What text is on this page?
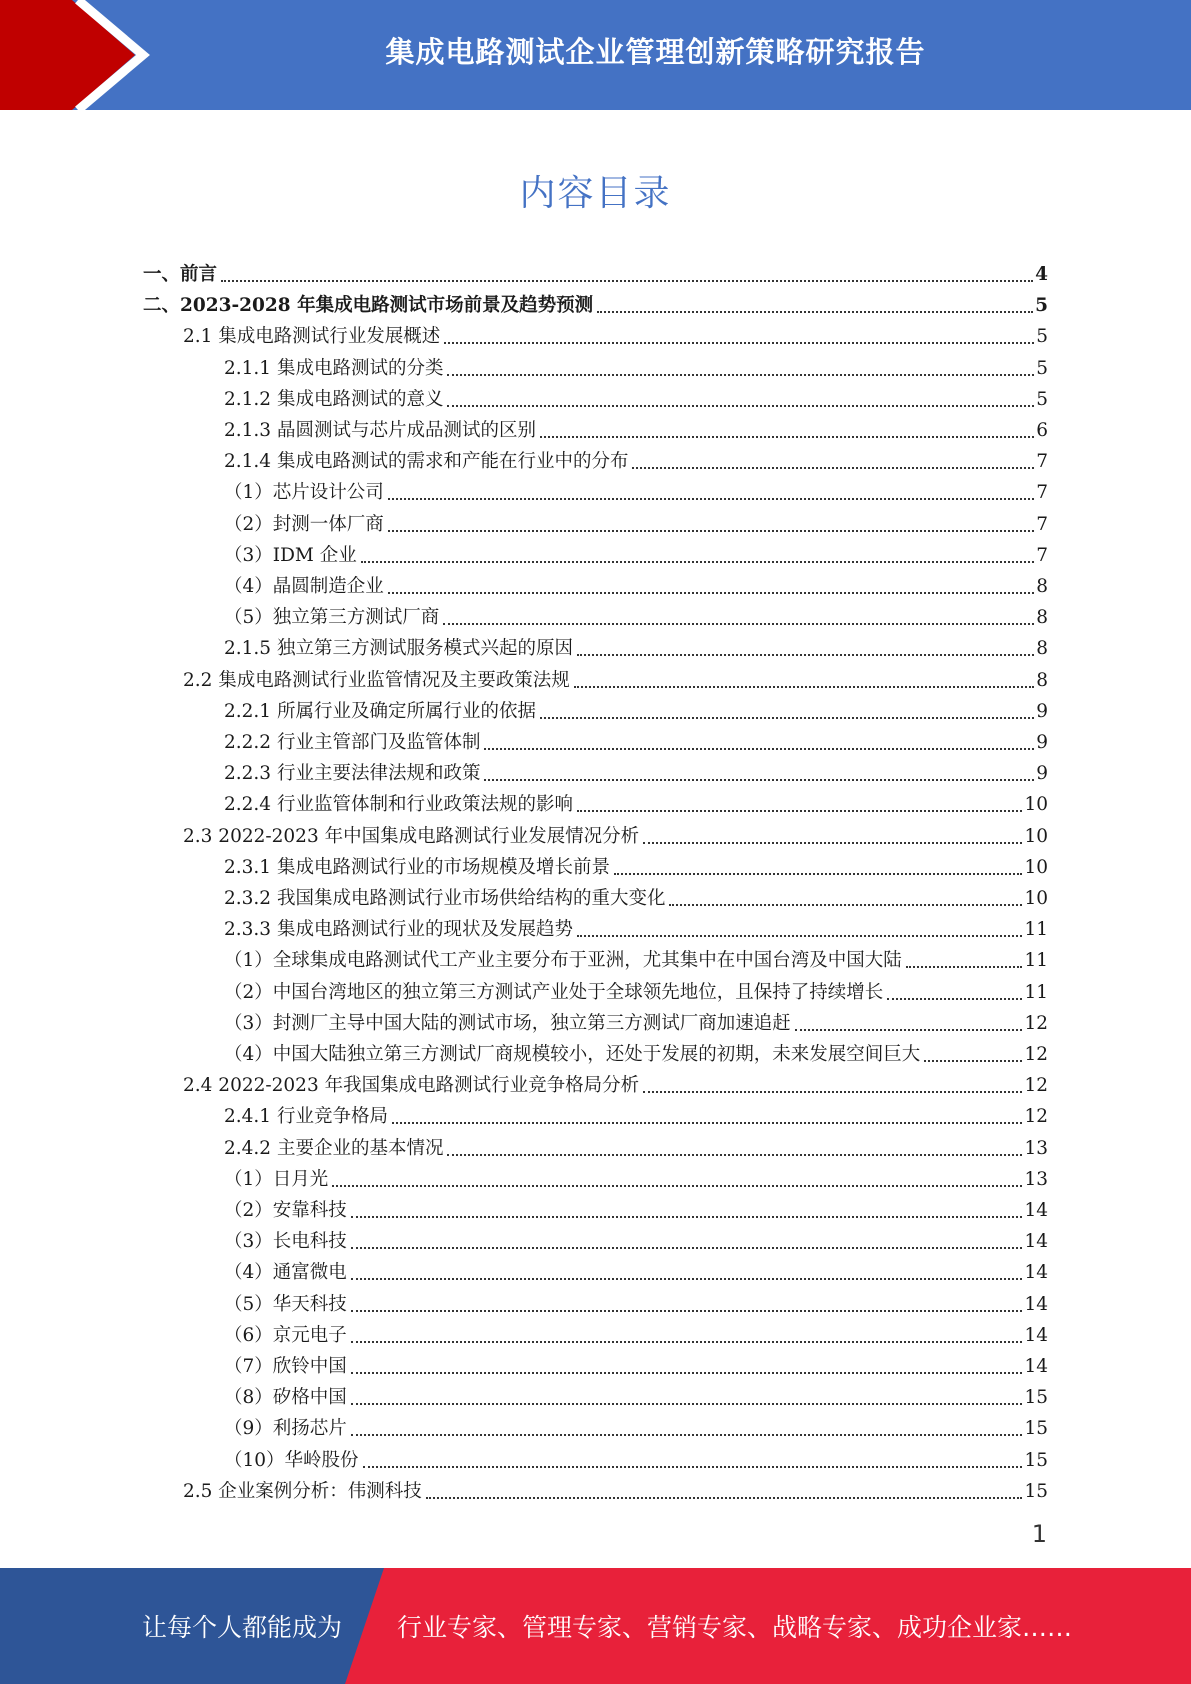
集成电路测试企业管理创新策略研究报告
内容目录
一、前言	4
二、2023-2028 年集成电路测试市场前景及趋势预测	5
2.1 集成电路测试行业发展概述	5
2.1.1 集成电路测试的分类	5
2.1.2 集成电路测试的意义	5
2.1.3 晶圆测试与芯片成品测试的区别	6
2.1.4 集成电路测试的需求和产能在行业中的分布	7
（1）芯片设计公司	7
（2）封测一体厂商	7
（3）IDM 企业	7
（4）晶圆制造企业	8
（5）独立第三方测试厂商	8
2.1.5 独立第三方测试服务模式兴起的原因	8
2.2 集成电路测试行业监管情况及主要政策法规	8
2.2.1 所属行业及确定所属行业的依据	9
2.2.2 行业主管部门及监管体制	9
2.2.3 行业主要法律法规和政策	9
2.2.4 行业监管体制和行业政策法规的影响	10
2.3 2022-2023 年中国集成电路测试行业发展情况分析	10
2.3.1 集成电路测试行业的市场规模及增长前景	10
2.3.2 我国集成电路测试行业市场供给结构的重大变化	10
2.3.3 集成电路测试行业的现状及发展趋势	11
（1）全球集成电路测试代工产业主要分布于亚洲，尤其集中在中国台湾及中国大陆	11
（2）中国台湾地区的独立第三方测试产业处于全球领先地位，且保持了持续增长	11
（3）封测厂主导中国大陆的测试市场，独立第三方测试厂商加速追赶	12
（4）中国大陆独立第三方测试厂商规模较小，还处于发展的初期，未来发展空间巨大	12
2.4 2022-2023 年我国集成电路测试行业竞争格局分析	12
2.4.1 行业竞争格局	12
2.4.2 主要企业的基本情况	13
（1）日月光	13
（2）安靠科技	14
（3）长电科技	14
（4）通富微电	14
（5）华天科技	14
（6）京元电子	14
（7）欣铃中国	14
（8）矽格中国	15
（9）利扬芯片	15
（10）华岭股份	15
2.5 企业案例分析：伟测科技	15
1
让每个人都能成为 行业专家、管理专家、营销专家、战略专家、成功企业家……
